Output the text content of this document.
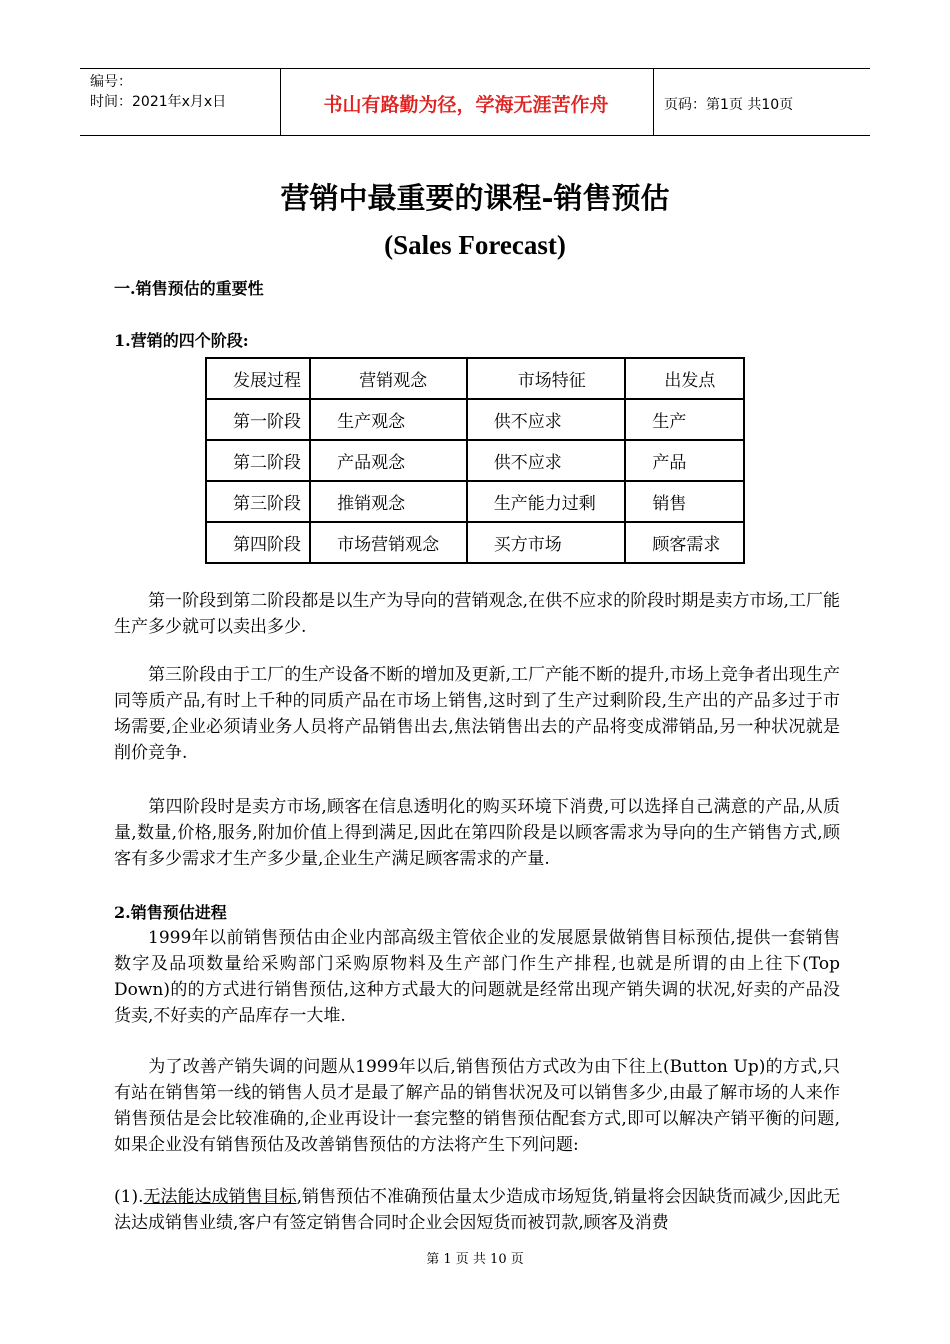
编号：
时间：2021年x月x日	书山有路勤为径，学海无涯苦作舟	页码：第1页 共10页
营销中最重要的课程-销售预估
(Sales Forecast)
一.销售预估的重要性
1.营销的四个阶段:
发展过程	营销观念	市场特征	出发点
第一阶段	生产观念	供不应求	生产
第二阶段	产品观念	供不应求	产品
第三阶段	推销观念	生产能力过剩	销售
第四阶段	市场营销观念	买方市场	顾客需求
第一阶段到第二阶段都是以生产为导向的营销观念,在供不应求的阶段时期是卖方市场,工厂能生产多少就可以卖出多少.
第三阶段由于工厂的生产设备不断的增加及更新,工厂产能不断的提升,市场上竞争者出现生产同等质产品,有时上千种的同质产品在市场上销售,这时到了生产过剩阶段,生产出的产品多过于市场需要,企业必须请业务人员将产品销售出去,焦法销售出去的产品将变成滞销品,另一种状况就是削价竞争.
第四阶段时是卖方市场,顾客在信息透明化的购买环境下消费,可以选择自己满意的产品,从质量,数量,价格,服务,附加价值上得到满足,因此在第四阶段是以顾客需求为导向的生产销售方式,顾客有多少需求才生产多少量,企业生产满足顾客需求的产量.
2.销售预估进程
1999年以前销售预估由企业内部高级主管依企业的发展愿景做销售目标预估,提供一套销售数字及品项数量给采购部门采购原物料及生产部门作生产排程,也就是所谓的由上往下(Top Down)的的方式进行销售预估,这种方式最大的问题就是经常出现产销失调的状况,好卖的产品没货卖,不好卖的产品库存一大堆.
为了改善产销失调的问题从1999年以后,销售预估方式改为由下往上(Button Up)的方式,只有站在销售第一线的销售人员才是最了解产品的销售状况及可以销售多少,由最了解市场的人来作销售预估是会比较准确的,企业再设计一套完整的销售预估配套方式,即可以解决产销平衡的问题,如果企业没有销售预估及改善销售预估的方法将产生下列问题:
(1).无法能达成销售目标,销售预估不准确预估量太少造成市场短货,销量将会因缺货而减少,因此无法达成销售业绩,客户有签定销售合同时企业会因短货而被罚款,顾客及消费
第 1 页 共 10 页
